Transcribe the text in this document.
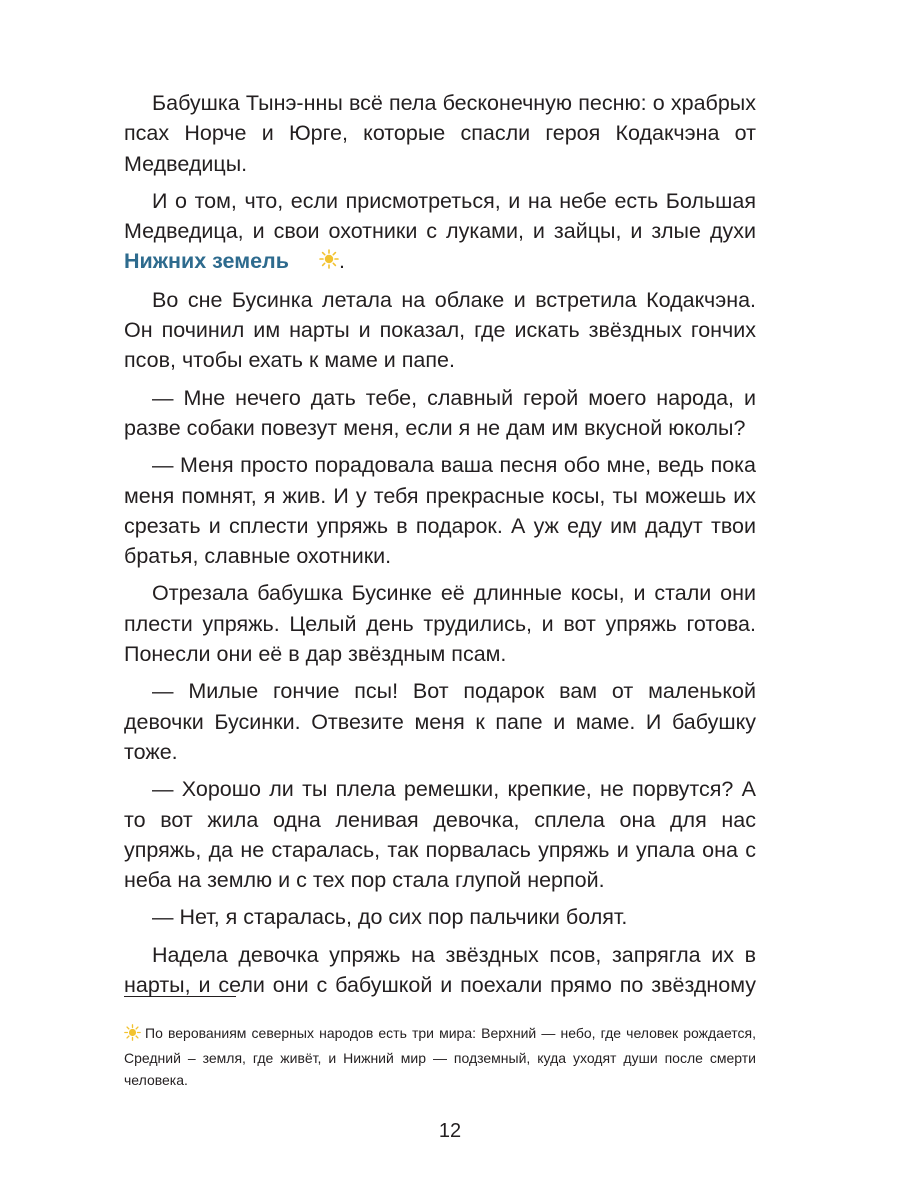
Бабушка Тынэ-нны всё пела бесконечную песню: о храбрых псах Норче и Юрге, которые спасли героя Кодакчэна от Медведицы.

И о том, что, если присмотреться, и на небе есть Большая Медведица, и свои охотники с луками, и зайцы, и злые духи Нижних земель .

Во сне Бусинка летала на облаке и встретила Кодакчэна. Он починил им нарты и показал, где искать звёздных гончих псов, чтобы ехать к маме и папе.

— Мне нечего дать тебе, славный герой моего народа, и разве собаки повезут меня, если я не дам им вкусной юколы?

— Меня просто порадовала ваша песня обо мне, ведь пока меня помнят, я жив. И у тебя прекрасные косы, ты можешь их срезать и сплести упряжь в подарок. А уж еду им дадут твои братья, славные охотники.

Отрезала бабушка Бусинке её длинные косы, и стали они плести упряжь. Целый день трудились, и вот упряжь готова. Понесли они её в дар звёздным псам.

— Милые гончие псы! Вот подарок вам от маленькой девочки Бусинки. Отвезите меня к папе и маме. И бабушку тоже.

— Хорошо ли ты плела ремешки, крепкие, не порвутся? А то вот жила одна ленивая девочка, сплела она для нас упряжь, да не старалась, так порвалась упряжь и упала она с неба на землю и с тех пор стала глупой нерпой.

— Нет, я старалась, до сих пор пальчики болят.

Надела девочка упряжь на звёздных псов, запрягла их в нарты, и сели они с бабушкой и поехали прямо по звёздному

По верованиям северных народов есть три мира: Верхний — небо, где человек рождается, Средний – земля, где живёт, и Нижний мир — подземный, куда уходят души после смерти человека.
12
